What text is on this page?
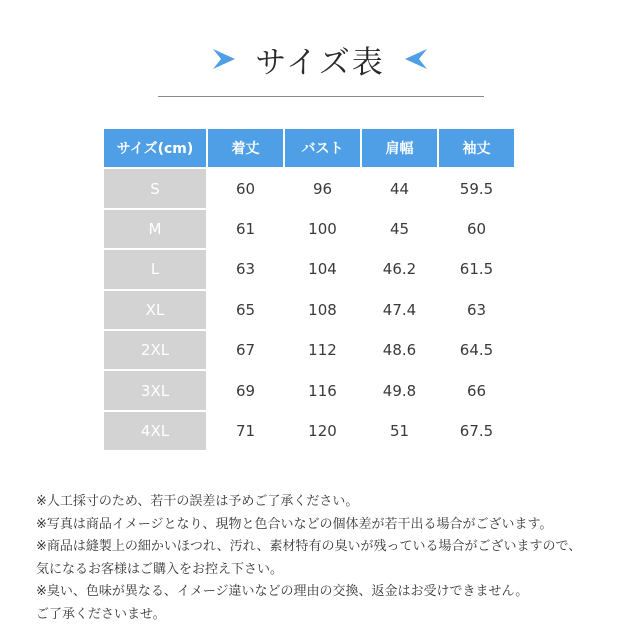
サイズ表
サイズ(cm)	着丈	バスト	肩幅	袖丈
S	60	96	44	59.5
M	61	100	45	60
L	63	104	46.2	61.5
XL	65	108	47.4	63
2XL	67	112	48.6	64.5
3XL	69	116	49.8	66
4XL	71	120	51	67.5

※人工採寸のため、若干の誤差は予めご了承ください。

※写真は商品イメージとなり、現物と色合いなどの個体差が若干出る場合がございます。

※商品は縫製上の細かいほつれ、汚れ、素材特有の臭いが残っている場合がございますので、

気になるお客様はご購入をお控え下さい。

※臭い、色味が異なる、イメージ違いなどの理由の交換、返金はお受けできません。

ご了承くださいませ。
